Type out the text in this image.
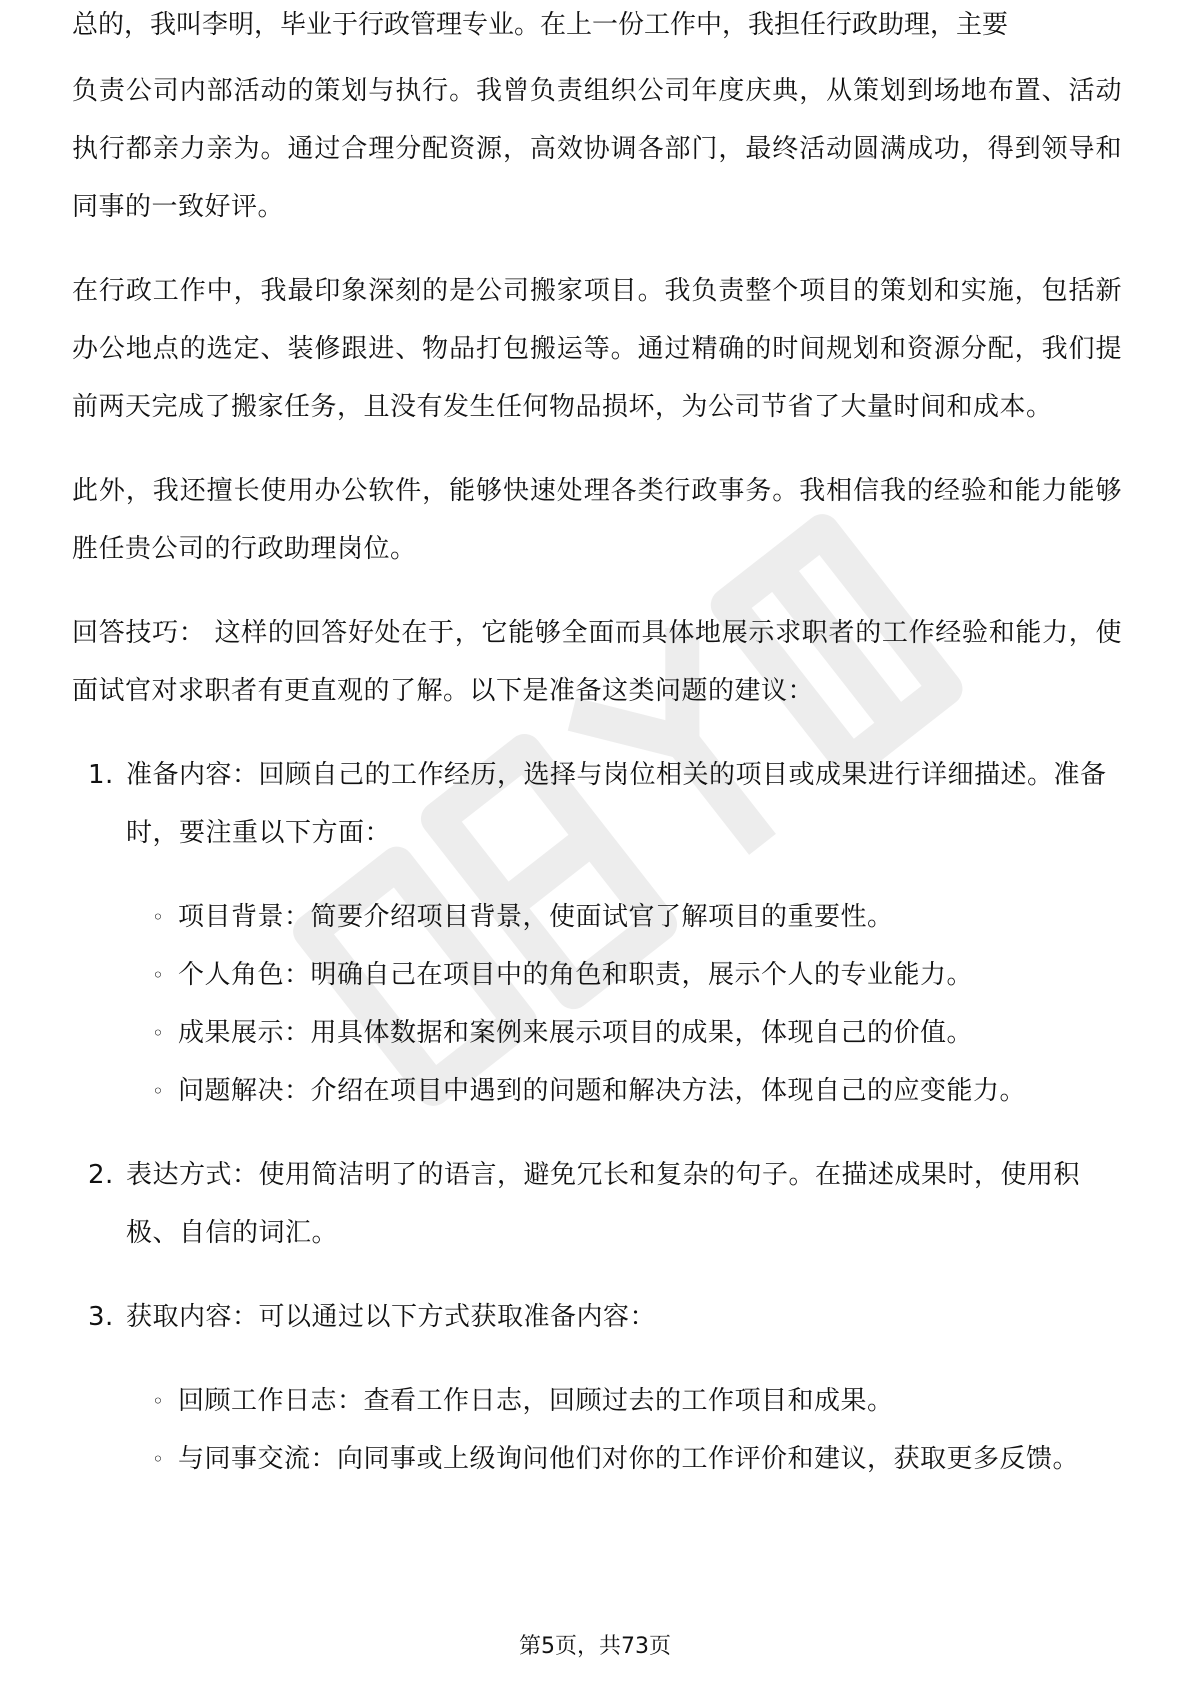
总的，我叫李明，毕业于行政管理专业。在上一份工作中，我担任行政助理，主要

负责公司内部活动的策划与执行。我曾负责组织公司年度庆典，从策划到场地布置、活动执行都亲力亲为。通过合理分配资源，高效协调各部门，最终活动圆满成功，得到领导和同事的一致好评。

在行政工作中，我最印象深刻的是公司搬家项目。我负责整个项目的策划和实施，包括新办公地点的选定、装修跟进、物品打包搬运等。通过精确的时间规划和资源分配，我们提前两天完成了搬家任务，且没有发生任何物品损坏，为公司节省了大量时间和成本。

此外，我还擅长使用办公软件，能够快速处理各类行政事务。我相信我的经验和能力能够胜任贵公司的行政助理岗位。

回答技巧： 这样的回答好处在于，它能够全面而具体地展示求职者的工作经验和能力，使面试官对求职者有更直观的了解。以下是准备这类问题的建议：

1. 准备内容：回顾自己的工作经历，选择与岗位相关的项目或成果进行详细描述。准备时，要注重以下方面：
◦ 项目背景：简要介绍项目背景，使面试官了解项目的重要性。
◦ 个人角色：明确自己在项目中的角色和职责，展示个人的专业能力。
◦ 成果展示：用具体数据和案例来展示项目的成果，体现自己的价值。
◦ 问题解决：介绍在项目中遇到的问题和解决方法，体现自己的应变能力。
2. 表达方式：使用简洁明了的语言，避免冗长和复杂的句子。在描述成果时，使用积极、自信的词汇。
3. 获取内容：可以通过以下方式获取准备内容：
◦ 回顾工作日志：查看工作日志，回顾过去的工作项目和成果。
◦ 与同事交流：向同事或上级询问他们对你的工作评价和建议，获取更多反馈。
第5页，共73页
